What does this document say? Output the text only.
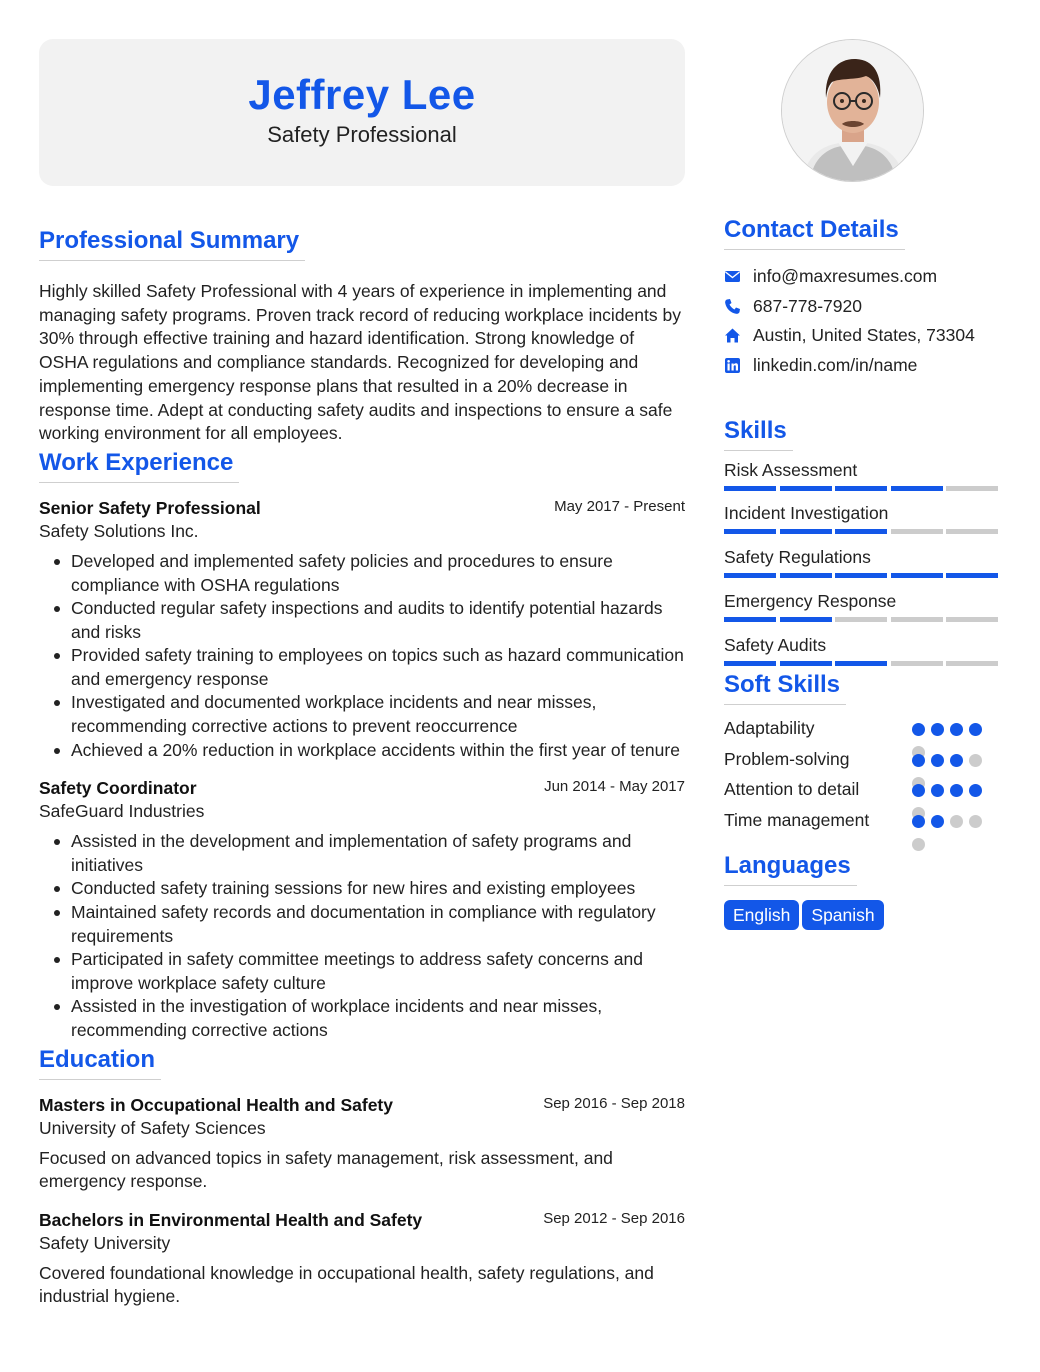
Jeffrey Lee
Safety Professional
Professional Summary
Highly skilled Safety Professional with 4 years of experience in implementing and managing safety programs. Proven track record of reducing workplace incidents by 30% through effective training and hazard identification. Strong knowledge of OSHA regulations and compliance standards. Recognized for developing and implementing emergency response plans that resulted in a 20% decrease in response time. Adept at conducting safety audits and inspections to ensure a safe working environment for all employees.
Work Experience
Senior Safety Professional	May 2017 - Present
Safety Solutions Inc.
Developed and implemented safety policies and procedures to ensure compliance with OSHA regulations
Conducted regular safety inspections and audits to identify potential hazards and risks
Provided safety training to employees on topics such as hazard communication and emergency response
Investigated and documented workplace incidents and near misses, recommending corrective actions to prevent reoccurrence
Achieved a 20% reduction in workplace accidents within the first year of tenure
Safety Coordinator	Jun 2014 - May 2017
SafeGuard Industries
Assisted in the development and implementation of safety programs and initiatives
Conducted safety training sessions for new hires and existing employees
Maintained safety records and documentation in compliance with regulatory requirements
Participated in safety committee meetings to address safety concerns and improve workplace safety culture
Assisted in the investigation of workplace incidents and near misses, recommending corrective actions
Education
Masters in Occupational Health and Safety	Sep 2016 - Sep 2018
University of Safety Sciences
Focused on advanced topics in safety management, risk assessment, and emergency response.
Bachelors in Environmental Health and Safety	Sep 2012 - Sep 2016
Safety University
Covered foundational knowledge in occupational health, safety regulations, and industrial hygiene.
Contact Details
info@maxresumes.com
687-778-7920
Austin, United States, 73304
linkedin.com/in/name
Skills
Risk Assessment
Incident Investigation
Safety Regulations
Emergency Response
Safety Audits
Soft Skills
Adaptability
Problem-solving
Attention to detail
Time management
Languages
English Spanish
